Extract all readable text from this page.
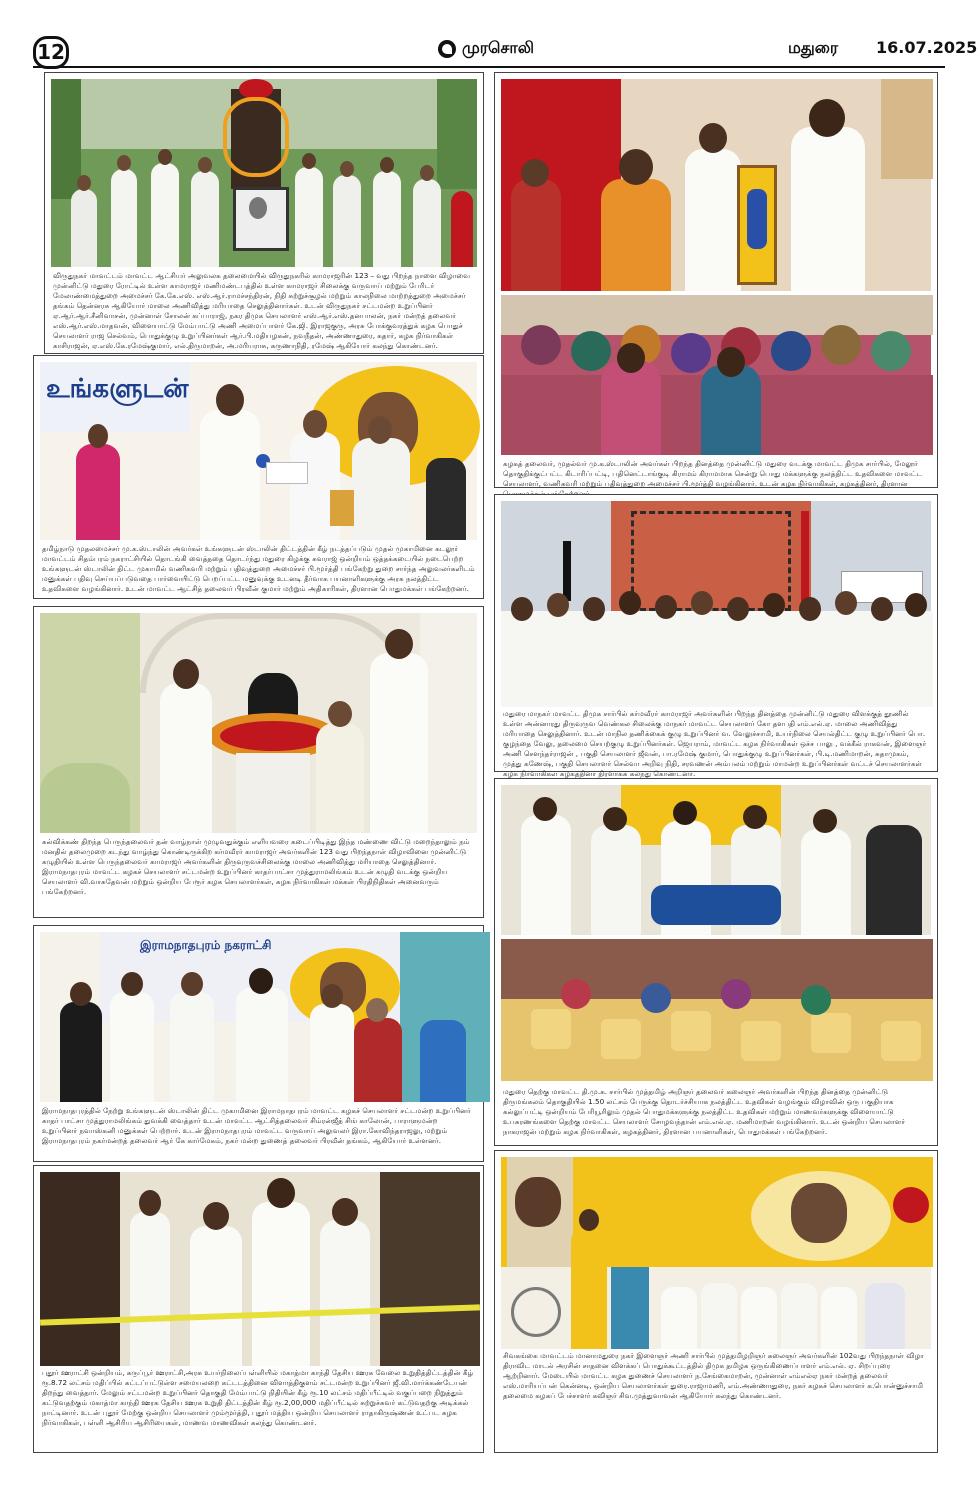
12	முரசொலி	மதுரை 16.07.2025
விருதுநகர் மாவட்டம் மாவட்ட ஆட்சியர் அலுவலக தலைமையில் விருதுநகரில் காமராஜரின் 123 – வது பிறந்த நாளை விழாவை முன்னிட்டு மதுரை ரோட்டில் உள்ள காமராஜர் மணிமண்டபத்தில் உள்ள காமராஜர் சிலைக்கு வருவாய் மற்றும் பேரிடர் மேலாண்மைத்துறை அமைச்சர் கே.கே.எஸ். எஸ்.ஆர்.ராமச்சந்திரன், நிதி சுற்றுச்சூழல் மற்றும் காலநிலை மாற்றத்துறை அமைச்சர் தங்கம் தென்னரசு ஆகியோர் மாலை அணிவித்து மரியாதை செலுத்தினார்கள். உடன் விருதுநகர் சட்டமன்ற உறுப்பினர் ஏ.ஆர்.ஆர்.சீனிவாசன், முன்னாள் சோலன் சுப்பாராஜ், நகர திமுக செயலாளர் எஸ்.ஆர்.எஸ்.தனபாலன், நகர் மன்றத் தலைவர் எஸ்.ஆர்.எஸ்.மாதவன், விளையாட்டு மேம்பாட்டு அணி அமைப்பாளர் கே.ஜி. இராஜகுரு, அரசு போக்குவரத்துக் கழக பொதுச் செயலாளர் ராஜ செல்வம், பொதுக்குழு உறுப்பினர்கள் ஆர்.பி.மதியழகன், நவநீதன், அண்ணாதுரை, கதார், கழக நிர்வாகிகள் காசிராஜன், ஏ.எஸ்.கே.ரமேஷ்குமார், எல்.திருமாறன், அ.மரியராசு, கருணாநிதி, ரமேஷ் ஆகியோர் கலந்து கொண்டனர்.
உங்களுடன்
தமிழ்நாடு முதலமைச்சர் மு.க.ஸ்டாலின் அவர்கள் உங்களுடன் ஸ்டாலின் திட்டத்தின் கீழ் நடத்தப்படும் முதல் முகாமினை கடலூர் மாவட்டம் சிதம்பரம் நகராட்சியில் தொடங்கி வைத்ததை தொடர்ந்து மதுரை கிழக்கு சுவராஜ் ஒன்றியம் ஒத்தக்கடையில் நடைபெற்ற உங்களுடன் ஸ்டாலின் திட்ட முகாமில் வணிகவரி மற்றும் பதிவுத்துறை அமைச்சர் பி.மூர்த்தி பங்கேற்று துறை சார்ந்த அலுவலர்களிடம் மனுக்கள் பதிவு செய்யப்படுவதை பார்வையிட்டு பெறப்பட்ட மனுவுக்கு உடனடி தீர்வாக பயனாளிகளுக்கு அரசு நலத்திட்ட உதவிகளை வழங்கினார். உடன் மாவட்ட ஆட்சித் தலைவர் பிரவீன் குமார் மற்றும் அதிகாரிகள், திரளான பொதுமக்கள் பங்கேற்றனர்.
கல்விக்கண் திறந்த பெருந்தலைவர் தன் வாழ்நாள் முழுவதுக்கும் எளியவரை கடைப்பிடித்து இந்த மண்ணை விட்டு மறைந்தாலும் நம் மனதில் தலைமுறை கடந்து வாழ்ந்து கொண்டிருக்கிற கர்மவீரர் காமராஜர் அவர்களின் 123 வது பிறந்தநாள் விழாவினை முன்னிட்டு கழுதியில் உள்ள பெருந்தலைவர் காமராஜர் அவர்களின் திருவுருவச்சிலைக்கு மாலை அணிவித்து மரியாதை செலுத்தினார். இராமநாதபுரம் மாவட்ட கழகச் செயலாளர் சட்டமன்ற உறுப்பினர் காதர்பாட்சா முத்துராமலிங்கம் உடன் கழுதி வடக்கு ஒன்றிய செயலாளர் வி.வாசுதேவன் மற்றும் ஒன்றிய பேரூர் கழக செயலாளர்கள், கழக நிர்வாகிகள் மக்கள் பிரதிநிதிகள் அனைவரும் பங்கேற்றனர்.
இராமநாதபுரம் நகராட்சி
இராமநாதபுரத்தில் நேற்று உங்களுடன் ஸ்டாலின் திட்ட முகாமினை இராமநாதபுரம் மாவட்ட கழகச் செயலாளர் சட்டமன்ற உறுப்பினர் காதர் பாட்சா முத்துராமலிங்கம் துவக்கி வைத்தார் உடன் மாவட்ட ஆட்சித்தலைவர் சிம்ரன்ஜீத் சிங் காலோன், பாராளுமன்ற உறுப்பினர் நவாஸ்கனி மனுக்கள் பெற்றார். உடன் இராமநாதபுரம் மாவட்ட வருவாய் அலுவலர் இரா.கோவிந்தராஜலு, மற்றும் இராமநாதபுரம் நகர்மன்றத் தலைவர் ஆர் கே கார்மேகம், நகர் மன்ற துணைத் தலைவர் பிரவீன் தங்கம், ஆகியோர் உள்ளனர்.
புதூர் ஊராட்சி ஒன்றியம், கருப்பூர் ஊராட்சி,அரசு உயர்நிலைப்பள்ளியில் மகாத்மா காந்தி தேசிய ஊரக வேலை உறுதித்திட்டத்தின் கீழ் ரூ.8.72 லட்சம் மதிப்பில் கட்டப்பட்டுள்ள சமையலறை கட்டடத்தினை விளாத்திகுளம் சட்டமன்ற உறுப்பினர் ஜீ.வி.மார்க்கண்டேயன் திறந்து வைத்தார். மேலும் சட்டமன்ற உறுப்பினர் தொகுதி மேம்பாட்டு நிதியின் கீழ் ரூ.10 லட்சம் மதிப்பீட்டில் வகுப்பறை நிறுத்தும் கட்டுவதற்கும் மகாத்மா காந்தி ஊரக தேசிய ஊரக உறுதி திட்டத்தின் கீழ் ரூ.2,00,000 மதிப்பீட்டில் சுற்றுச்சுவர் கட்டுவதற்கு அடிக்கல் நாட்டினார். உடன் புதூர் மேற்கு ஒன்றிய செயலாளர் மும்மூர்த்தி, புதூர் மத்திய ஒன்றிய செயலாளர் ராதாகிருஷ்ணன் உட்பட கழக நிர்வாகிகள், பள்ளி ஆசிரிய ஆசிரியைகள், மாணவ மாணவிகள் கலந்து கொண்டனர்.
கழகத் தலைவர், முதல்வர் மு.க.ஸ்டாலின் அவர்கள் பிறந்த தினத்தை முன்னிட்டு மதுரை வடக்கு மாவட்ட திமுக சார்பில், மேலூர் தொகுதிக்குட்பட்ட கிடாரிப்பட்டி, பதினெட்டாங்குடி கிராமம் கிராமமாக சென்று பொது மக்களுக்கு நலத்திட்ட உதவிகளை மாவட்ட செயலாளர், வணிகவரி மற்றும் பதிவுத்துறை அமைச்சர் பி.மூர்த்தி வழங்கினார். உடன் கழக நிர்வாகிகள், கழகத்தினர், திரளான
மதுரை மாநகர் மாவட்ட திமுக சார்பில் கர்மவீரர் காமராஜர் அவர்களின் பிறந்த தினத்தை முன்னிட்டு மதுரை விளக்குத் தூணில் உள்ள அன்னாரது திருவுருவ வெண்கல சிலைக்கு மாநகர் மாவட்ட செயலாளர் கோ தளபதி எம்.எல்.ஏ. மாலை அணிவித்து மரியாதை செலுத்தினார். உடன் மாநில தணிக்கைக் குழு உறுப்பினர் வ. வேலுச்சாமி, உயர்நிலை செயல்திட்ட குழு உறுப்பினர் பொ. குழந்தை வேலு, தலைமை செயற்குழு உறுப்பினர்கள். ஜெயராம், மாவட்ட கழக நிர்வாகிகள் ஒச்ச பாலு , வக்கீல் ராகவன், இளைஞர் அணி சௌந்தர்ராஜன் , பகுதி செயலாளர் ஜீவன், பா.ரமேஷ் குமார், பொதுக்குழு உறுப்பினர்கள், பி.டி.மணிமாறன், சுதாமுகம், முத்து கணேஷ், பகுதி செயலாளர் செல்வா அறிவு நிதி, சரவணன் அம்பலம் மற்றும் மாமன்ற உறுப்பினர்கள் வட்டச் செயலாளர்கள் கழக நிர்வாகிகள் கழகத்தினர் திரளாகக் கலந்து கொண்டனர்.
மதுரை தெற்கு மாவட்ட தி.மு.க. சார்பில் முத்தமிழ் அறிஞர் தலைவர் கலைஞர் அவர்களின் பிறந்த தினத்தை முன்னிட்டு திருமங்கலம் தொகுதியில் 1.50 லட்சம் பேருக்கு தொடர்ச்சியாக நலத்திட்ட உதவிகள் வழங்கும் விழாவின் ஒரு பகுதியாக கல்லுப்பட்டி ஒன்றியம் பேரியூரிலும் முதல் பொதுமக்களுக்கு நலத்திட்ட உதவிகள் மற்றும் மாணவர்களுக்கு விளையாட்டு உபகரணங்களை தெற்கு மாவட்ட செயலாளர் சோழவந்தான் எம்.எல்.ஏ. மணிமாறன் வழங்கினார். உடன் ஒன்றிய செயலாளர் நாகராஜன் மற்றும் கழக நிர்வாகிகள், கழகத்தினர், திரளான பயனாளிகள், பொதுமக்கள் பங்கேற்றனர்.
சிவகங்கை மாவட்டம் மானாமதுரை நகர் இளைஞர் அணி சார்பில் முத்தமிழறிஞர் கலைஞர் அவர்களின் 102வது பிறந்தநாள் விழா திராவிட மாடல் அரசின் சாதனை விளக்கப் பொதுக்கூட்டத்தில் திமுக தமிழக ஒருங்கிணைப்பாளர் எம்.எல். ஏ. சிறப்புரை ஆற்றினார். மேடையில் மாவட்ட கழக துணைச் செயலாளர் ந.சேங்கைமாறன், முன்னாள் எம்எல்ஏ நகர் மன்றத் தலைவர் எஸ்.மாரியப்பன் கென்னடி, ஒன்றிய செயலாளர்கள் துரை.ராஜாமணி, எம்.அண்ணாதுரை, நகர் கழகச் செயலாளர் க.பொன்னுச்சாமி தலைமை கழகப் பேச்சாளர் கவிஞர் சிவ.முத்துவாவன் ஆகியோர் கலந்து கொண்டனர்.
